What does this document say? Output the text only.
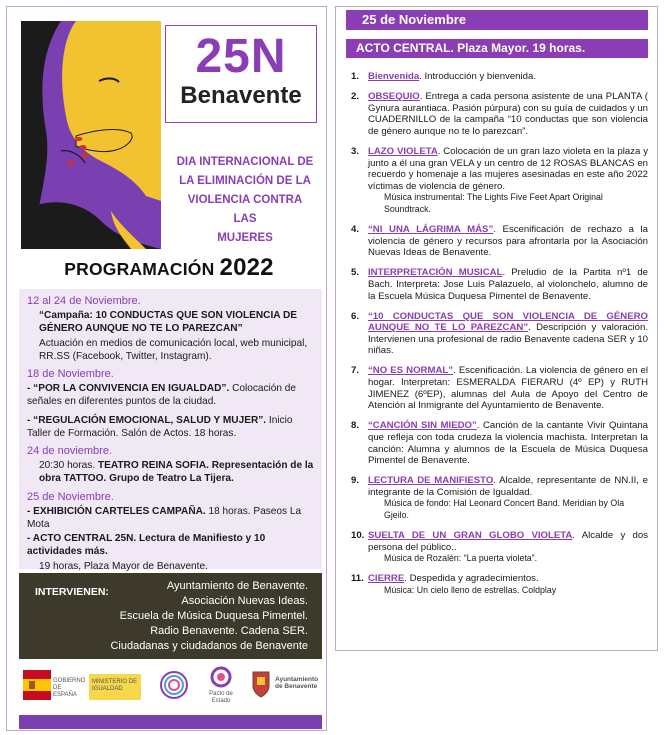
25N
Benavente
DIA INTERNACIONAL DE
LA ELIMINACIÓN DE LA
VIOLENCIA CONTRA LAS
MUJERES
PROGRAMACIÓN 2022
12 al 24 de Noviembre.

“Campaña: 10 CONDUCTAS QUE SON VIOLENCIA DE GÉNERO AUNQUE NO TE LO PAREZCAN”

Actuación en medios de comunicación local, web municipal, RR.SS (Facebook, Twitter, Instagram).

18 de Noviembre.

- “POR LA CONVIVENCIA EN IGUALDAD”. Colocación de señales en diferentes puntos de la ciudad.

- “REGULACIÓN EMOCIONAL, SALUD Y MUJER”. Inicio Taller de Formación. Salón de Actos. 18 horas.

24 de noviembre.

20:30 horas. TEATRO REINA SOFIA. Representación de la obra TATTOO. Grupo de Teatro La Tijera.

25 de Noviembre.

- EXHIBICIÓN CARTELES CAMPAÑA. 18 horas. Paseos La Mota

- ACTO CENTRAL 25N. Lectura de Manifiesto y 10 actividades más.

19 horas, Plaza Mayor de Benavente.

INTERVIENEN:	Ayuntamiento de Benavente.
Asociación Nuevas Ideas.
Escuela de Música Duquesa Pimentel.
Radio Benavente. Cadena SER.
Ciudadanas y ciudadanos de Benavente
GOBIERNO DE ESPAÑA
MINISTERIO DE IGUALDAD
Pacto de Estado
Ayuntamiento de Benavente
25 de Noviembre
ACTO CENTRAL. Plaza Mayor. 19 horas.
1. Bienvenida. Introducción y bienvenida.
2. OBSEQUIO. Entrega a cada persona asistente de una PLANTA ( Gynura aurantiaca. Pasión púrpura) con su guía de cuidados y un CUADERNILLO de la campaña “10 conductas que son violencia de género aunque no te lo parezcan”.
3. LAZO VIOLETA. Colocación de un gran lazo violeta en la plaza y junto a él una gran VELA y un centro de 12 ROSAS BLANCAS en recuerdo y homenaje a las mujeres asesinadas en este año 2022 víctimas de violencia de género.
Música instrumental: The Lights Five Feet Apart Original Soundtrack.
4. “NI UNA LÁGRIMA MÁS”. Escenificación de rechazo a la violencia de género y recursos para afrontarla por la Asociación Nuevas Ideas de Benavente.
5. INTERPRETACIÓN MUSICAL. Preludio de la Partita nº1 de Bach. Interpreta: Jose Luis Palazuelo, al violonchelo, alumno de la Escuela Música Duquesa Pimentel de Benavente.
6. “10 CONDUCTAS QUE SON VIOLENCIA DE GÉNERO AUNQUE NO TE LO PAREZCAN”. Descripción y valoración. Intervienen una profesional de radio Benavente cadena SER y 10 niñas.
7. “NO ES NORMAL”. Escenificación. La violencia de género en el hogar. Interpretan: ESMERALDA FIERARU (4º EP) y RUTH JIMENEZ (6ºEP), alumnas del Aula de Apoyo del Centro de Atención al Inmigrante del Ayuntamiento de Benavente.
8. “CANCIÓN SIN MIEDO”. Canción de la cantante Vivir Quintana que refleja con toda crudeza la violencia machista. Interpretan la canción: Alumna y alumnos de la Escuela de Música Duquesa Pimentel de Benavente.
9. LECTURA DE MANIFIESTO. Alcalde, representante de NN.II, e integrante de la Comisión de Igualdad.
Música de fondo: Hal Leonard Concert Band. Meridian by Ola Gjeilo.
10. SUELTA DE UN GRAN GLOBO VIOLETA. Alcalde y dos persona del público..
Música de Rozalén: “La puerta violeta”.
11. CIERRE. Despedida y agradecimientos.
Música: Un cielo lleno de estrellas. Coldplay
